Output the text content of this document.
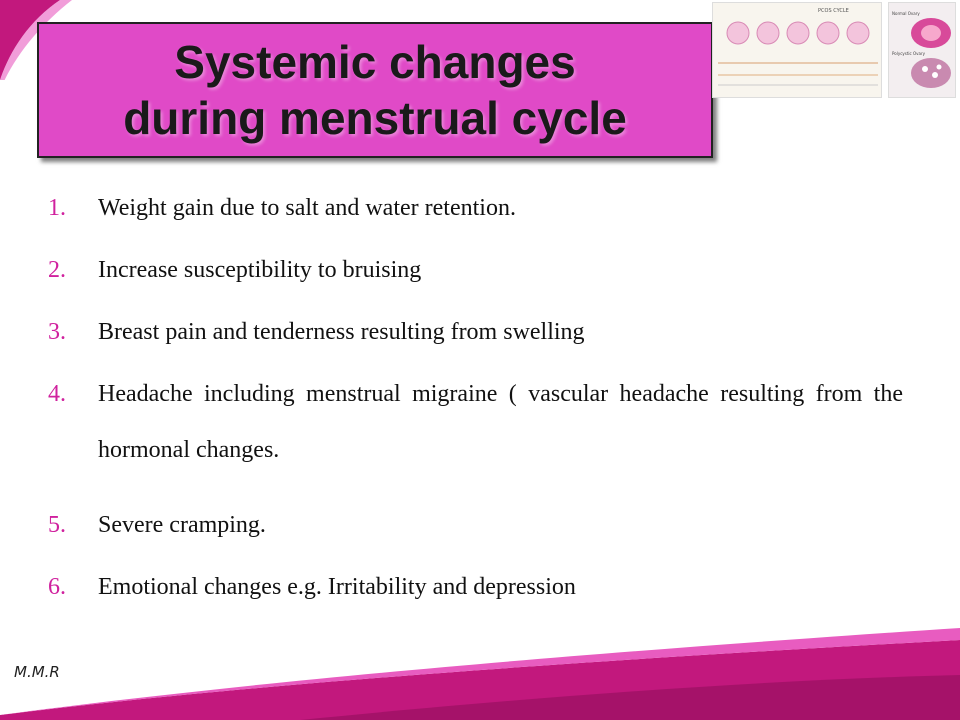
Systemic changes
during menstrual cycle
PCOS CYCLE	Normal Ovary
Polycystic Ovary
1.	Weight gain due to salt and water retention.
2.	Increase susceptibility to bruising
3.	Breast pain and tenderness resulting from swelling
4.	Headache including menstrual migraine ( vascular headache resulting from the hormonal changes.
5.	Severe cramping.
6.	Emotional changes e.g. Irritability and depression
M.M.R
